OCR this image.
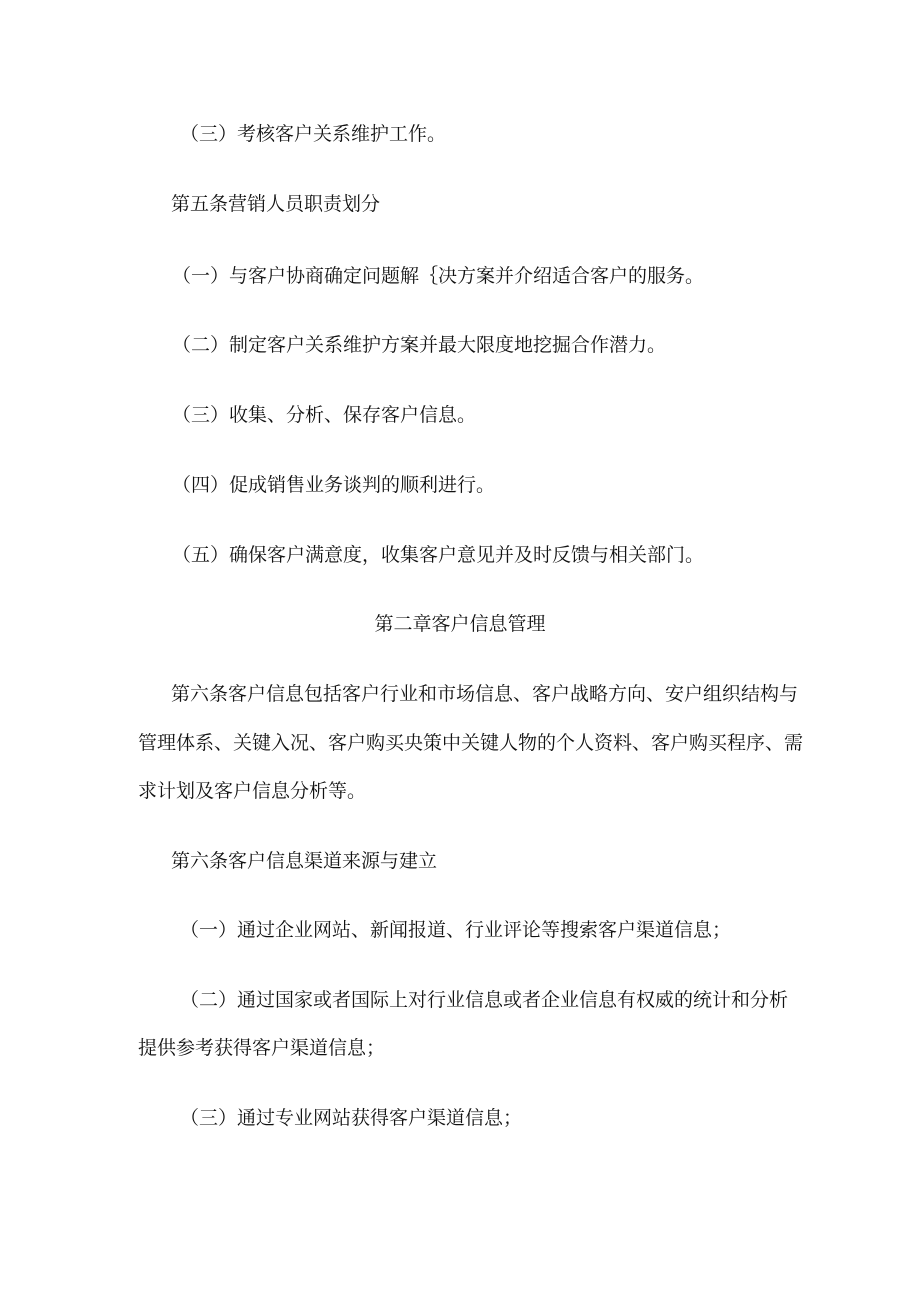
（三）考核客户关系维护工作。

第五条营销人员职责划分

（一）与客户协商确定问题解｛决方案并介绍适合客户的服务。

（二）制定客户关系维护方案并最大限度地挖掘合作潜力。

（三）收集、分析、保存客户信息。

（四）促成销售业务谈判的顺利进行。

（五）确保客户满意度，收集客户意见并及时反馈与相关部门。

第二章客户信息管理

第六条客户信息包括客户行业和市场信息、客户战略方向、安户组织结构与

管理体系、关键入况、客户购买央策中关键人物的个人资料、客户购买程序、需

求计划及客户信息分析等。

第六条客户信息渠道来源与建立

（一）通过企业网站、新闻报道、行业评论等搜索客户渠道信息；

（二）通过国家或者国际上对行业信息或者企业信息有权威的统计和分析

提供参考获得客户渠道信息；

（三）通过专业网站获得客户渠道信息；
